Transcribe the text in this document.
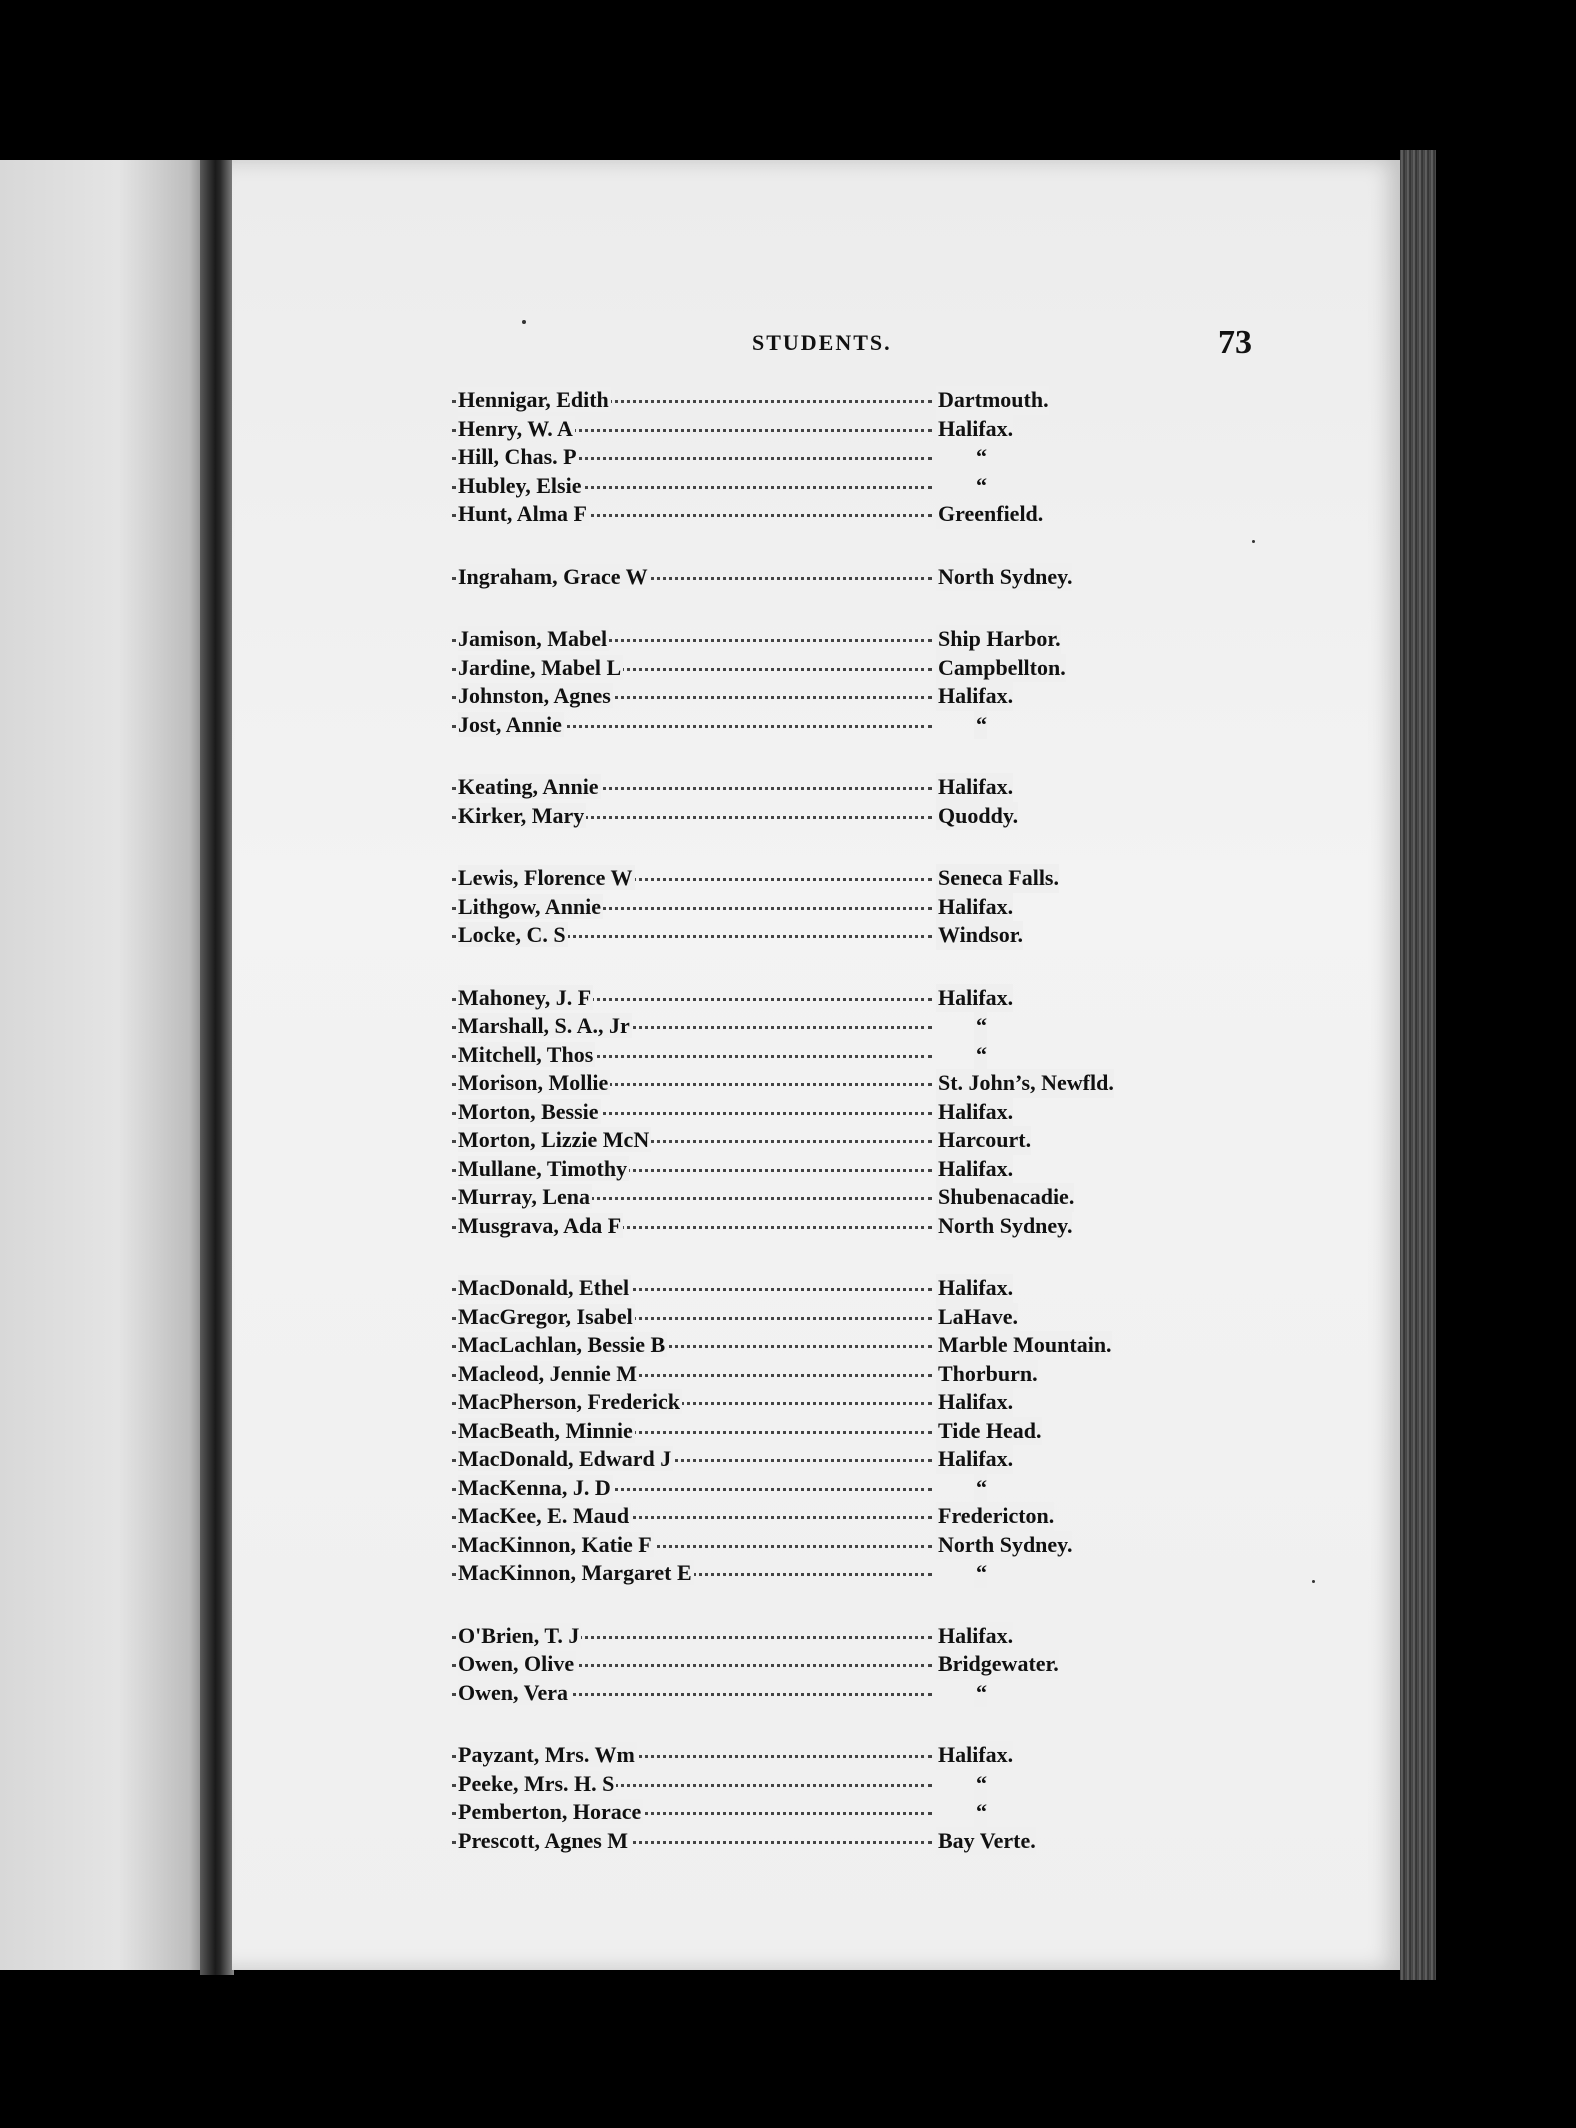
STUDENTS.	73
Hennigar, Edith	Dartmouth.
Henry, W. A	Halifax.
Hill, Chas. P	“
Hubley, Elsie	“
Hunt, Alma F	Greenfield.
Ingraham, Grace W	North Sydney.
Jamison, Mabel	Ship Harbor.
Jardine, Mabel L	Campbellton.
Johnston, Agnes	Halifax.
Jost, Annie	“
Keating, Annie	Halifax.
Kirker, Mary	Quoddy.
Lewis, Florence W	Seneca Falls.
Lithgow, Annie	Halifax.
Locke, C. S	Windsor.
Mahoney, J. F	Halifax.
Marshall, S. A., Jr	“
Mitchell, Thos	“
Morison, Mollie	St. John’s, Newfld.
Morton, Bessie	Halifax.
Morton, Lizzie McN	Harcourt.
Mullane, Timothy	Halifax.
Murray, Lena	Shubenacadie.
Musgrava, Ada F	North Sydney.
MacDonald, Ethel	Halifax.
MacGregor, Isabel	LaHave.
MacLachlan, Bessie B	Marble Mountain.
Macleod, Jennie M	Thorburn.
MacPherson, Frederick	Halifax.
MacBeath, Minnie	Tide Head.
MacDonald, Edward J	Halifax.
MacKenna, J. D	“
MacKee, E. Maud	Fredericton.
MacKinnon, Katie F	North Sydney.
MacKinnon, Margaret E	“
O'Brien, T. J	Halifax.
Owen, Olive	Bridgewater.
Owen, Vera	“
Payzant, Mrs. Wm	Halifax.
Peeke, Mrs. H. S	“
Pemberton, Horace	“
Prescott, Agnes M	Bay Verte.
